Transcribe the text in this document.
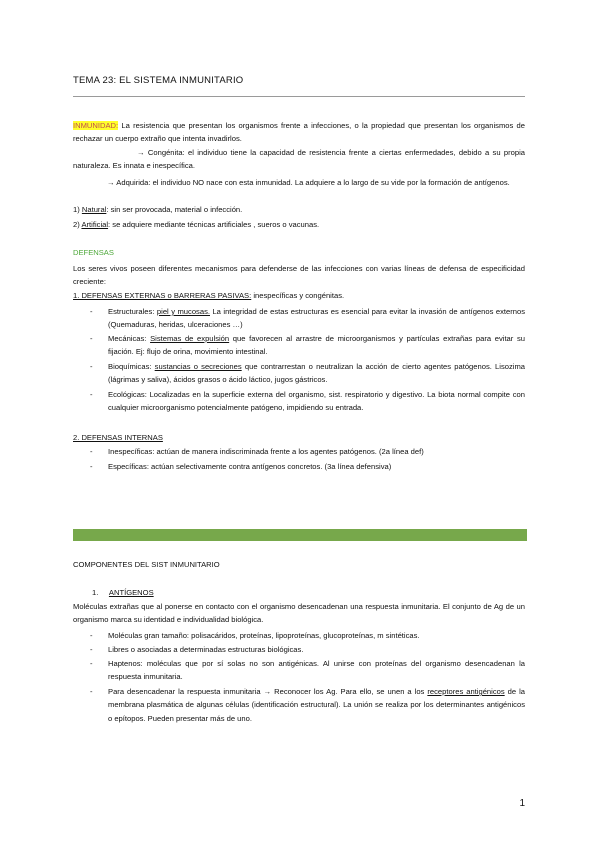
TEMA 23: EL SISTEMA INMUNITARIO
INMUNIDAD: La resistencia que presentan los organismos frente a infecciones, o la propiedad que presentan los organismos de rechazar un cuerpo extraño que intenta invadirlos.
→ Congénita: el individuo tiene la capacidad de resistencia frente a ciertas enfermedades, debido a su propia naturaleza. Es innata e inespecífica.
→ Adquirida: el individuo NO nace con esta inmunidad. La adquiere a lo largo de su vide por la formación de antígenos.
1) Natural: sin ser provocada, material o infección.
2) Artificial: se adquiere mediante técnicas artificiales , sueros o vacunas.
DEFENSAS
Los seres vivos poseen diferentes mecanismos para defenderse de las infecciones con varias líneas de defensa de especificidad creciente:
1. DEFENSAS EXTERNAS o BARRERAS PASIVAS: inespecíficas y congénitas.
- Estructurales: piel y mucosas. La integridad de estas estructuras es esencial para evitar la invasión de antígenos externos (Quemaduras, heridas, ulceraciones …)
- Mecánicas: Sistemas de expulsión que favorecen al arrastre de microorganismos y partículas extrañas para evitar su fijación. Ej: flujo de orina, movimiento intestinal.
- Bioquímicas: sustancias o secreciones que contrarrestan o neutralizan la acción de cierto agentes patógenos. Lisozima (lágrimas y saliva), ácidos grasos o ácido láctico, jugos gástricos.
- Ecológicas: Localizadas en la superficie externa del organismo, sist. respiratorio y digestivo. La biota normal compite con cualquier microorganismo potencialmente patógeno, impidiendo su entrada.
2. DEFENSAS INTERNAS
- Inespecíficas: actúan de manera indiscriminada frente a los agentes patógenos. (2a línea def)
- Específicas: actúan selectivamente contra antígenos concretos. (3a línea defensiva)
COMPONENTES DEL SIST INMUNITARIO
1. ANTÍGENOS
Moléculas extrañas que al ponerse en contacto con el organismo desencadenan una respuesta inmunitaria. El conjunto de Ag de un organismo marca su identidad e individualidad biológica.
- Moléculas gran tamaño: polisacáridos, proteínas, lipoproteínas, glucoproteínas, m sintéticas.
- Libres o asociadas a determinadas estructuras biológicas.
- Haptenos: moléculas que por sí solas no son antigénicas. Al unirse con proteínas del organismo desencadenan la respuesta inmunitaria.
- Para desencadenar la respuesta inmunitaria → Reconocer los Ag. Para ello, se unen a los receptores antigénicos de la membrana plasmática de algunas células (identificación estructural). La unión se realiza por los determinantes antigénicos o epítopos. Pueden presentar más de uno.
1
